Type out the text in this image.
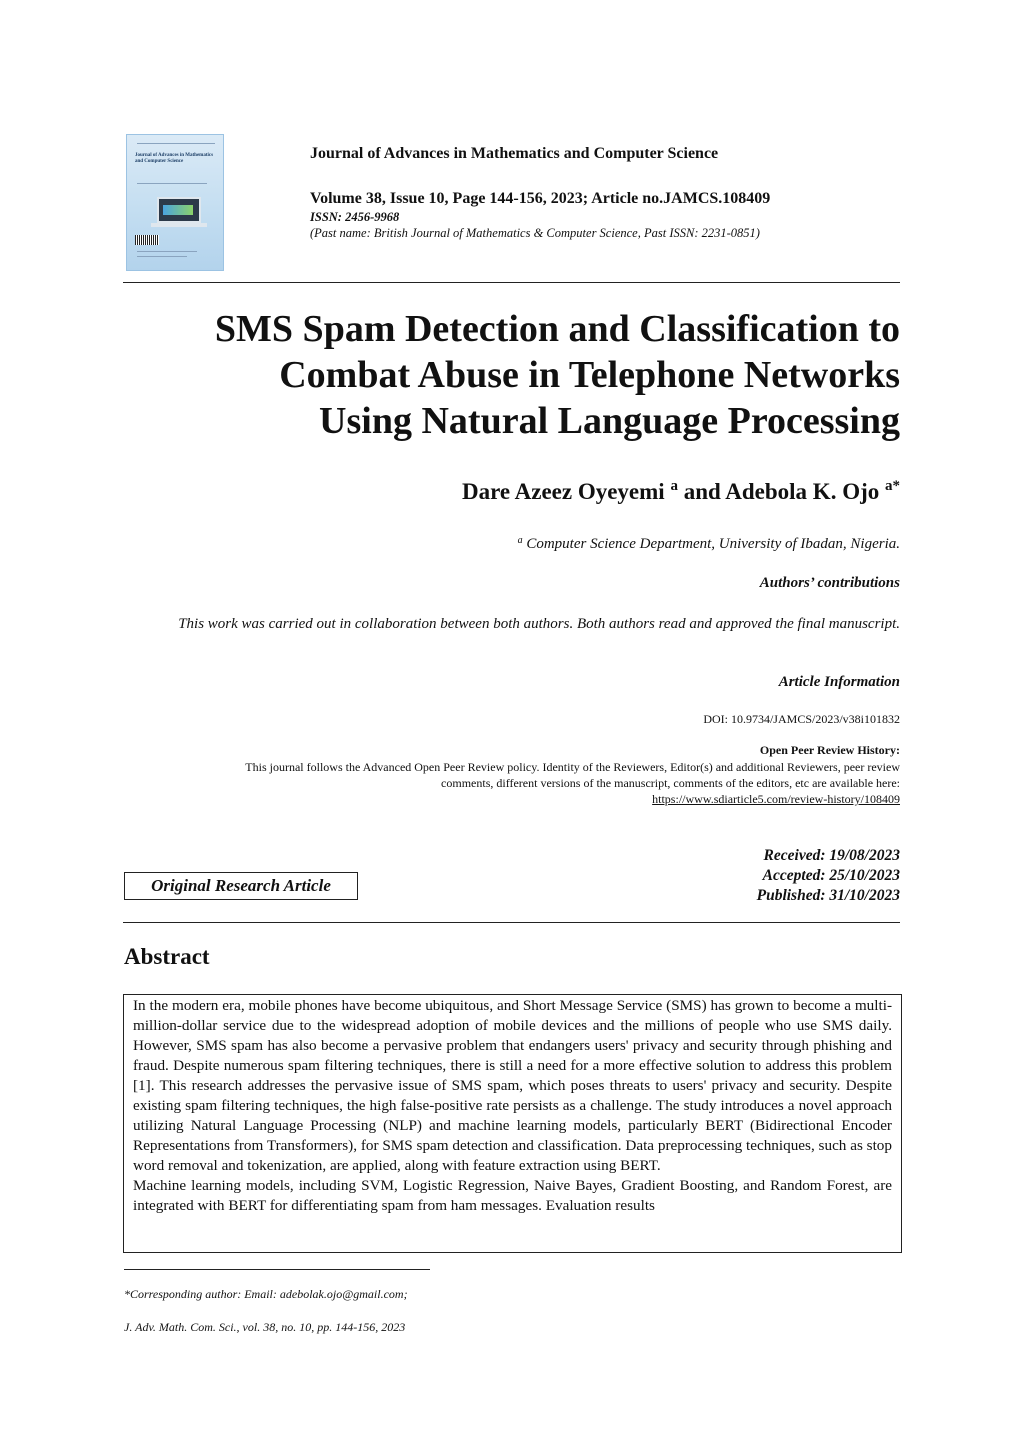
Journal of Advances in Mathematics and Computer Science	Journal of Advances in Mathematics and Computer Science
Volume 38, Issue 10, Page 144-156, 2023; Article no.JAMCS.108409
ISSN: 2456-9968
(Past name: British Journal of Mathematics & Computer Science, Past ISSN: 2231-0851)
SMS Spam Detection and Classification to
Combat Abuse in Telephone Networks
Using Natural Language Processing
Dare Azeez Oyeyemi $^a$ and Adebola K. Ojo $^{a*}$
$^a$ Computer Science Department, University of Ibadan, Nigeria.
Authors’ contributions
This work was carried out in collaboration between both authors. Both authors read and approved the final manuscript.
Article Information
DOI: 10.9734/JAMCS/2023/v38i101832
Open Peer Review History:
This journal follows the Advanced Open Peer Review policy. Identity of the Reviewers, Editor(s) and additional Reviewers, peer review
comments, different versions of the manuscript, comments of the editors, etc are available here:
https://www.sdiarticle5.com/review-history/108409
Original Research Article
Received: 19/08/2023
Accepted: 25/10/2023
Published: 31/10/2023
Abstract

In the modern era, mobile phones have become ubiquitous, and Short Message Service (SMS) has grown to become a multi-million-dollar service due to the widespread adoption of mobile devices and the millions of people who use SMS daily. However, SMS spam has also become a pervasive problem that endangers users' privacy and security through phishing and fraud. Despite numerous spam filtering techniques, there is still a need for a more effective solution to address this problem [1]. This research addresses the pervasive issue of SMS spam, which poses threats to users' privacy and security. Despite existing spam filtering techniques, the high false-positive rate persists as a challenge. The study introduces a novel approach utilizing Natural Language Processing (NLP) and machine learning models, particularly BERT (Bidirectional Encoder Representations from Transformers), for SMS spam detection and classification. Data preprocessing techniques, such as stop word removal and tokenization, are applied, along with feature extraction using BERT.

Machine learning models, including SVM, Logistic Regression, Naive Bayes, Gradient Boosting, and Random Forest, are integrated with BERT for differentiating spam from ham messages. Evaluation results

*Corresponding author: Email: adebolak.ojo@gmail.com;
J. Adv. Math. Com. Sci., vol. 38, no. 10, pp. 144-156, 2023
